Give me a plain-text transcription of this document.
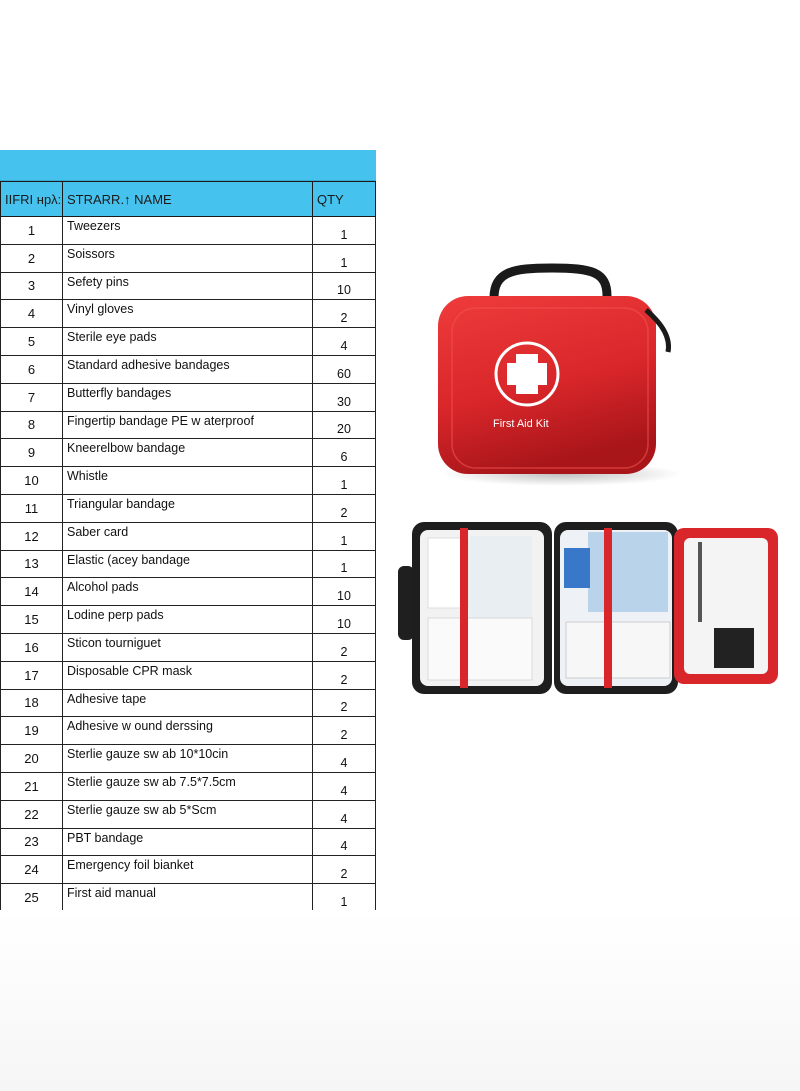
IIFRI нрλ:	STRARR.↑ NAME	QTY
1	Tweezers	1
2	Soissors	1
3	Sefety pins	10
4	Vinyl gloves	2
5	Sterile eye pads	4
6	Standard adhesive bandages	60
7	Butterfly bandages	30
8	Fingertip bandage PE w aterproof	20
9	Kneerelbow bandage	6
10	Whistle	1
11	Triangular bandage	2
12	Saber card	1
13	Elastic (acey bandage	1
14	Alcohol pads	10
15	Lodine perp pads	10
16	Sticon tourniguet	2
17	Disposable CPR mask	2
18	Adhesive tape	2
19	Adhesive w ound derssing	2
20	Sterlie gauze sw ab 10*10cin	4
21	Sterlie gauze sw ab 7.5*7.5cm	4
22	Sterlie gauze sw ab 5*Scm	4
23	PBT bandage	4
24	Emergency foil bianket	2
25	First aid manual	1

First Aid Kit
